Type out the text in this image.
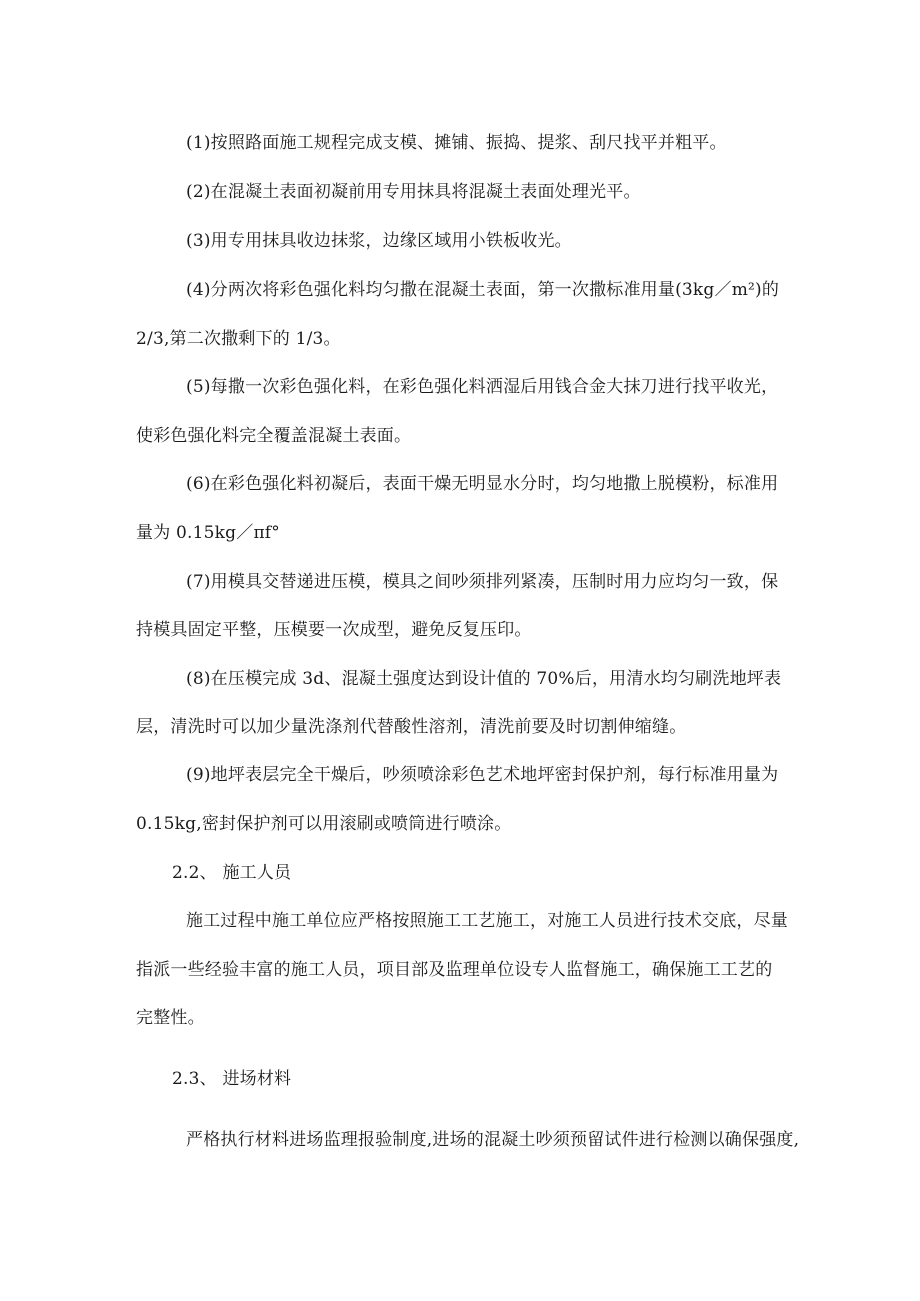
(1)按照路面施工规程完成支模、摊铺、振捣、提浆、刮尺找平并粗平。
(2)在混凝土表面初凝前用专用抹具将混凝土表面处理光平。
(3)用专用抹具收边抹浆，边缘区域用小铁板收光。
(4)分两次将彩色强化料均匀撒在混凝土表面，第一次撒标准用量(3kg／m²)的
2/3,第二次撒剩下的 1/3。
(5)每撒一次彩色强化料，在彩色强化料洒湿后用钱合金大抹刀进行找平收光，
使彩色强化料完全覆盖混凝土表面。
(6)在彩色强化料初凝后，表面干燥无明显水分时，均匀地撒上脱模粉，标准用
量为 0.15kg／πf°
(7)用模具交替递进压模，模具之间吵须排列紧凑，压制时用力应均匀一致，保
持模具固定平整，压模要一次成型，避免反复压印。
(8)在压模完成 3d、混凝土强度达到设计值的 70%后，用清水均匀刷洗地坪表
层，清洗时可以加少量洗涤剂代替酸性溶剂，清洗前要及时切割伸缩缝。
(9)地坪表层完全干燥后，吵须喷涂彩色艺术地坪密封保护剂，每行标准用量为
0.15kg,密封保护剂可以用滚刷或喷筒进行喷涂。
2.2、 施工人员
施工过程中施工单位应严格按照施工工艺施工，对施工人员进行技术交底，尽量
指派一些经验丰富的施工人员，项目部及监理单位设专人监督施工，确保施工工艺的
完整性。
2.3、 进场材料
严格执行材料进场监理报验制度,进场的混凝土吵须预留试件进行检测以确保强度,
